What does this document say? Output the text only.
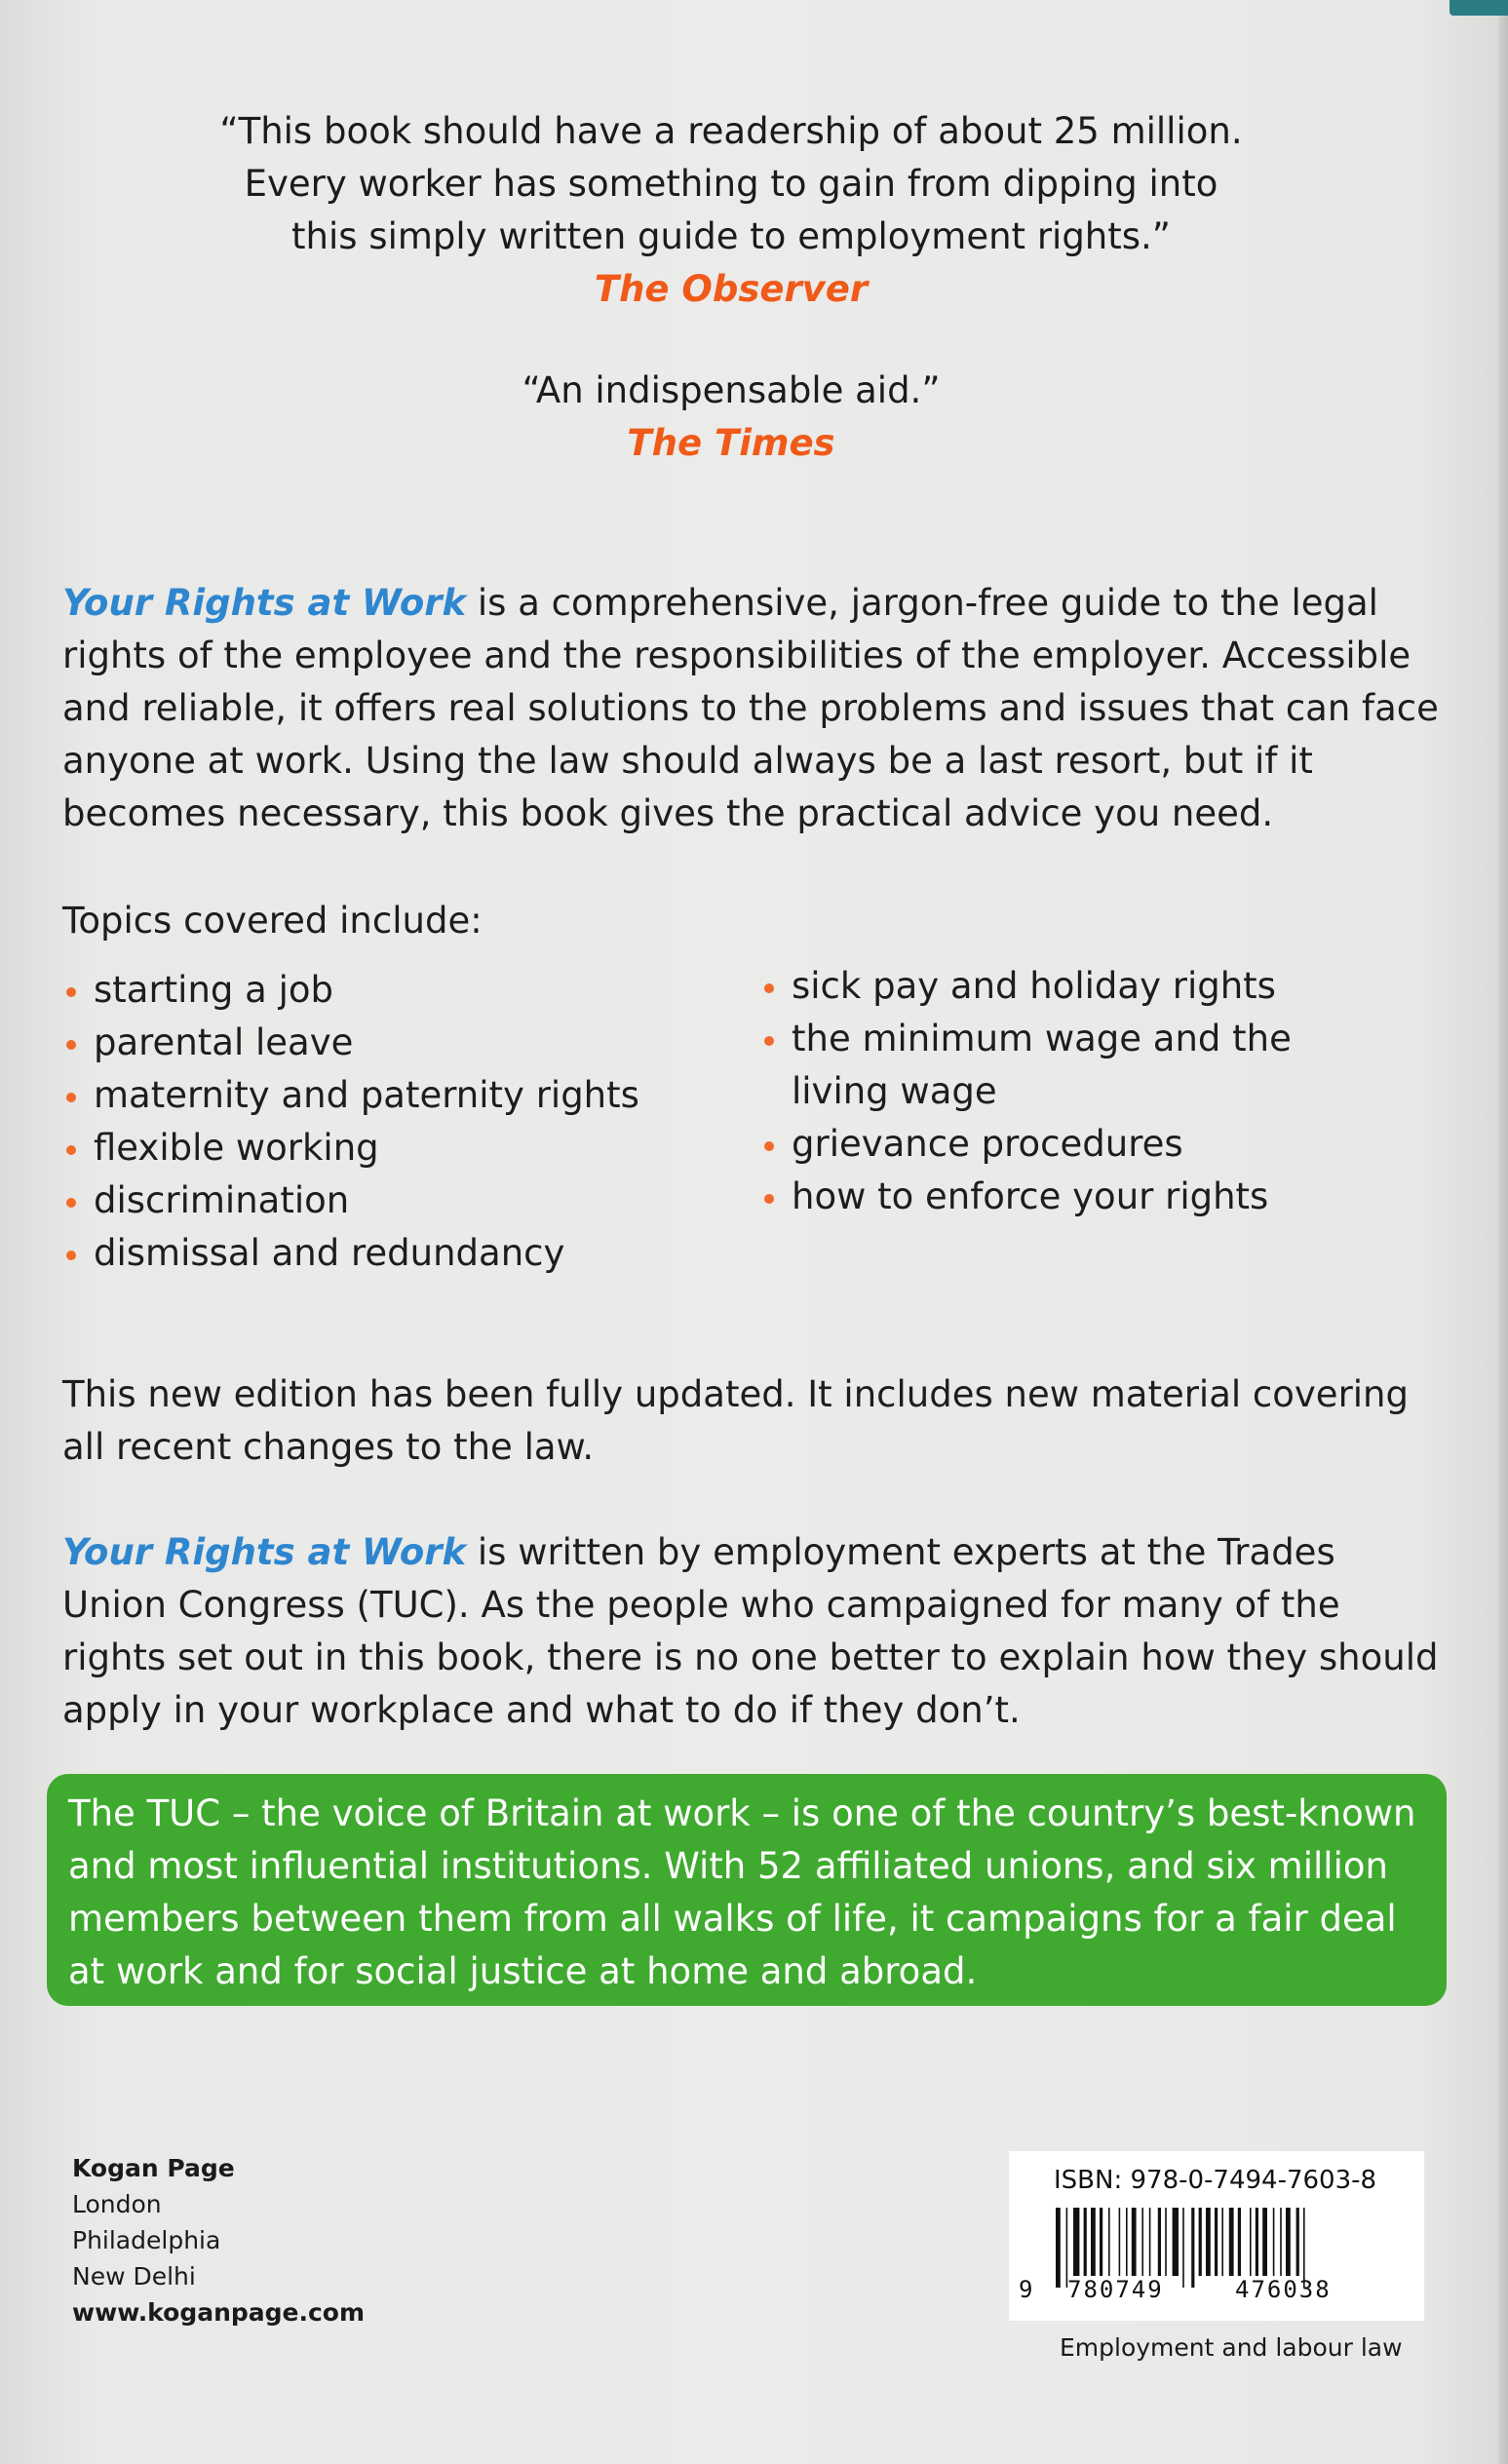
“This book should have a readership of about 25 million.
Every worker has something to gain from dipping into
this simply written guide to employment rights.”
The Observer
“An indispensable aid.”
The Times

Your Rights at Work is a comprehensive, jargon-free guide to the legal rights of the employee and the responsibilities of the employer. Accessible and reliable, it offers real solutions to the problems and issues that can face anyone at work. Using the law should always be a last resort, but if it becomes necessary, this book gives the practical advice you need.

Topics covered include:

starting a job
parental leave
maternity and paternity rights
flexible working
discrimination
dismissal and redundancy
sick pay and holiday rights
the minimum wage and the living wage
grievance procedures
how to enforce your rights

This new edition has been fully updated. It includes new material covering all recent changes to the law.

Your Rights at Work is written by employment experts at the Trades Union Congress (TUC). As the people who campaigned for many of the rights set out in this book, there is no one better to explain how they should apply in your workplace and what to do if they don’t.

The TUC – the voice of Britain at work – is one of the country’s best-known and most influential institutions. With 52 affiliated unions, and six million members between them from all walks of life, it campaigns for a fair deal at work and for social justice at home and abroad.
Kogan Page
London
Philadelphia
New Delhi
www.koganpage.com
ISBN: 978-0-7494-7603-8
9 780749	476038
Employment and labour law
